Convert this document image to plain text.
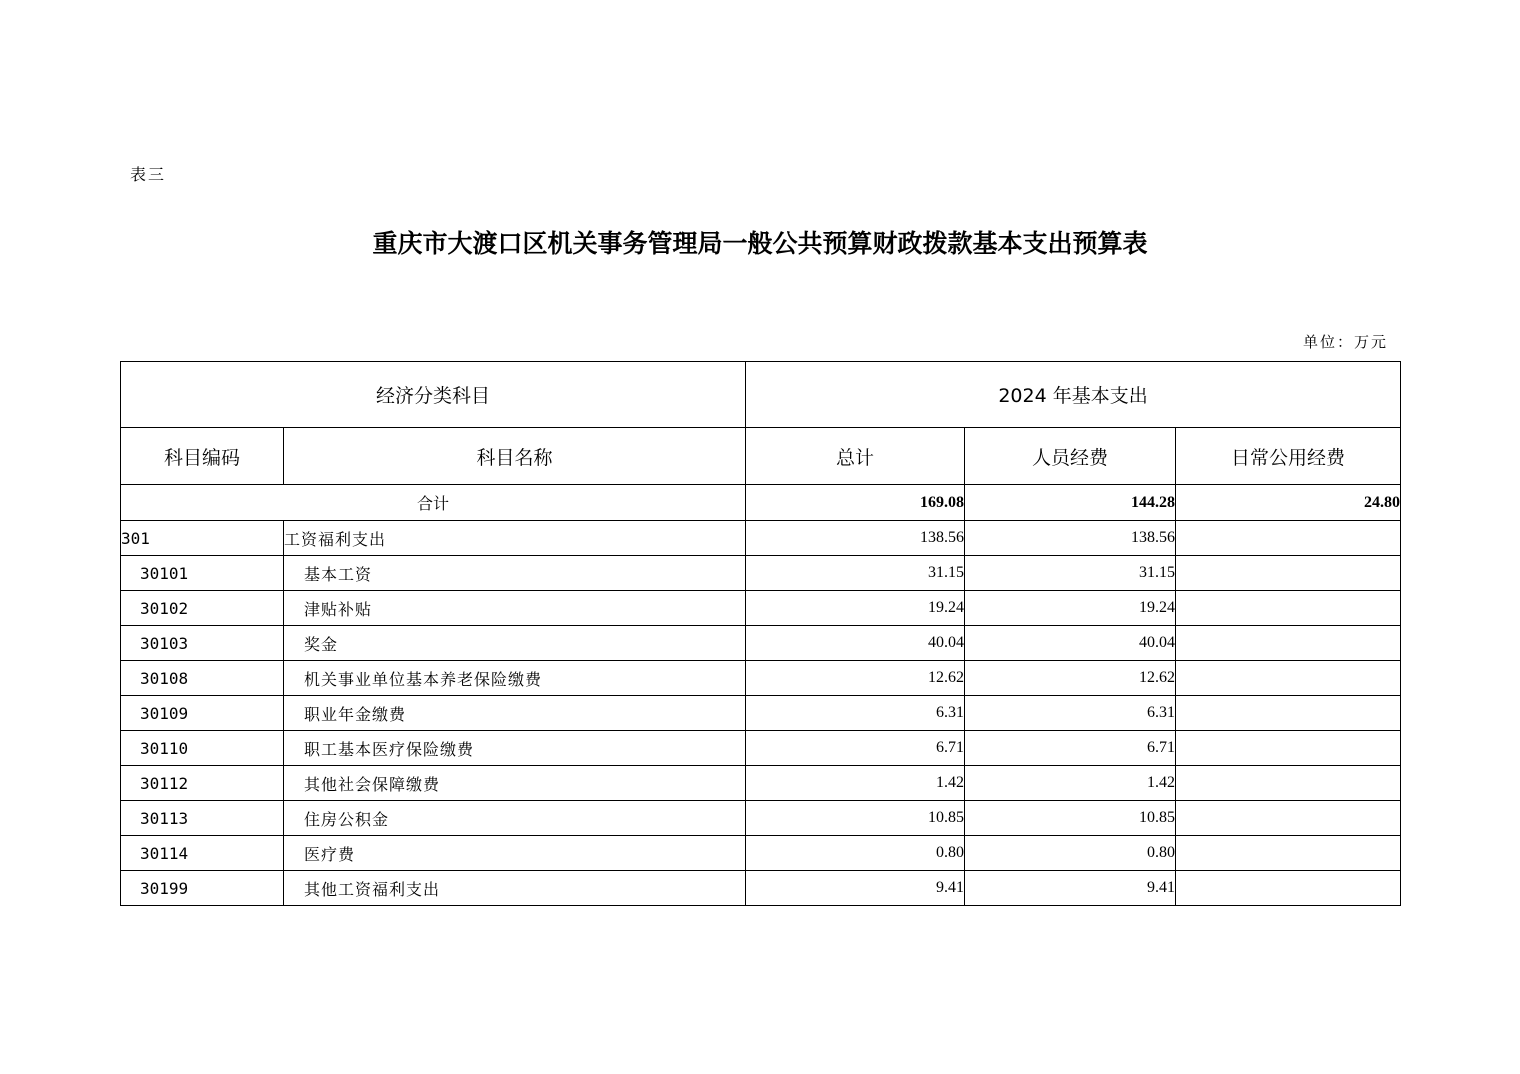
表三
重庆市大渡口区机关事务管理局一般公共预算财政拨款基本支出预算表
单位：万元
经济分类科目		2024 年基本支出		
科目编码	科目名称	总计	人员经费	日常公用经费
合计		169.08	144.28	24.80
301	工资福利支出	138.56	138.56	
30101	基本工资	31.15	31.15	
30102	津贴补贴	19.24	19.24	
30103	奖金	40.04	40.04	
30108	机关事业单位基本养老保险缴费	12.62	12.62	
30109	职业年金缴费	6.31	6.31	
30110	职工基本医疗保险缴费	6.71	6.71	
30112	其他社会保障缴费	1.42	1.42	
30113	住房公积金	10.85	10.85	
30114	医疗费	0.80	0.80	
30199	其他工资福利支出	9.41	9.41	
